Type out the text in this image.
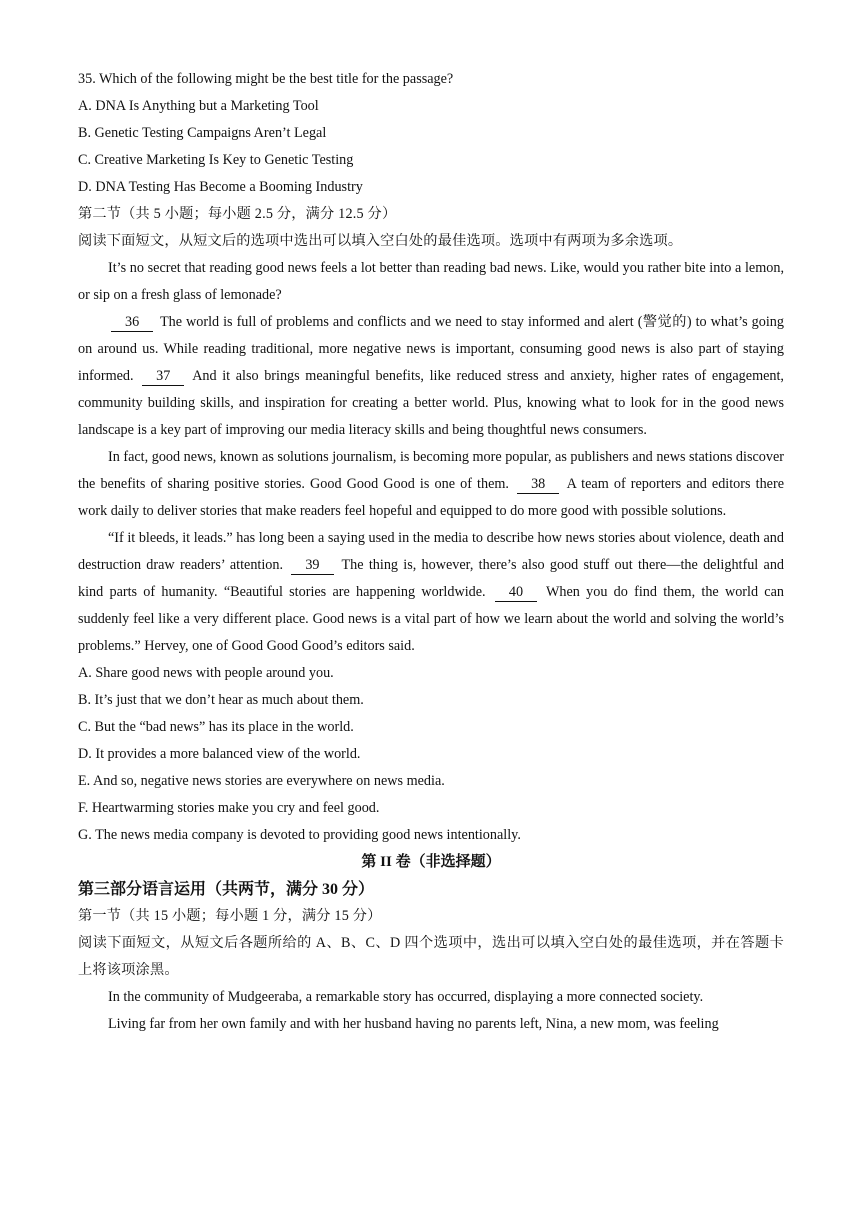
35. Which of the following might be the best title for the passage?
A. DNA Is Anything but a Marketing Tool
B. Genetic Testing Campaigns Aren’t Legal
C. Creative Marketing Is Key to Genetic Testing
D. DNA Testing Has Become a Booming Industry
第二节（共 5 小题；每小题 2.5 分，满分 12.5 分）
阅读下面短文，从短文后的选项中选出可以填入空白处的最佳选项。选项中有两项为多余选项。

It’s no secret that reading good news feels a lot better than reading bad news. Like, would you rather bite into a lemon, or sip on a fresh glass of lemonade?

36 The world is full of problems and conflicts and we need to stay informed and alert (警觉的) to what’s going on around us. While reading traditional, more negative news is important, consuming good news is also part of staying informed. 37 And it also brings meaningful benefits, like reduced stress and anxiety, higher rates of engagement, community building skills, and inspiration for creating a better world. Plus, knowing what to look for in the good news landscape is a key part of improving our media literacy skills and being thoughtful news consumers.

In fact, good news, known as solutions journalism, is becoming more popular, as publishers and news stations discover the benefits of sharing positive stories. Good Good Good is one of them. 38 A team of reporters and editors there work daily to deliver stories that make readers feel hopeful and equipped to do more good with possible solutions.

“If it bleeds, it leads.” has long been a saying used in the media to describe how news stories about violence, death and destruction draw readers’ attention. 39 The thing is, however, there’s also good stuff out there—the delightful and kind parts of humanity. “Beautiful stories are happening worldwide. 40 When you do find them, the world can suddenly feel like a very different place. Good news is a vital part of how we learn about the world and solving the world’s problems.” Hervey, one of Good Good Good’s editors said.

A. Share good news with people around you.
B. It’s just that we don’t hear as much about them.
C. But the “bad news” has its place in the world.
D. It provides a more balanced view of the world.
E. And so, negative news stories are everywhere on news media.
F. Heartwarming stories make you cry and feel good.
G. The news media company is devoted to providing good news intentionally.
第 II 卷（非选择题）
第三部分语言运用（共两节，满分 30 分）
第一节（共 15 小题；每小题 1 分，满分 15 分）

阅读下面短文，从短文后各题所给的 A、B、C、D 四个选项中，选出可以填入空白处的最佳选项，并在答题卡上将该项涂黑。

In the community of Mudgeeraba, a remarkable story has occurred, displaying a more connected society.

Living far from her own family and with her husband having no parents left, Nina, a new mom, was feeling
